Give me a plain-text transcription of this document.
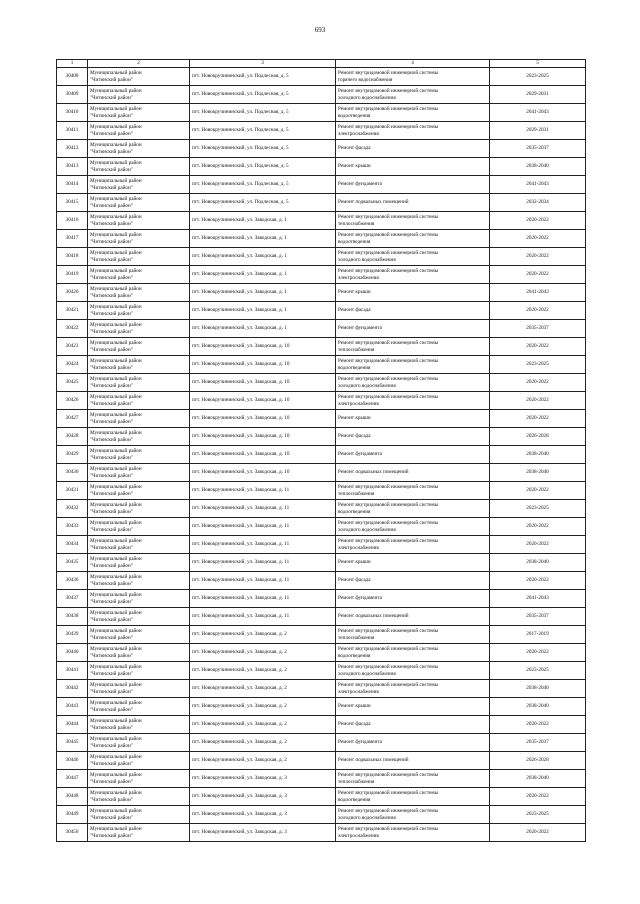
693
1	2	3	4	5
30408	Муниципальный район
"Читинский район"	пгт. Новокручининский, ул. Подлесная, д. 5	Ремонт внутридомовой инженерной системы
горячего водоснабжения	2023-2025
30409	Муниципальный район
"Читинский район"	пгт. Новокручининский, ул. Подлесная, д. 5	Ремонт внутридомовой инженерной системы
холодного водоснабжения	2029-2031
30410	Муниципальный район
"Читинский район"	пгт. Новокручининский, ул. Подлесная, д. 5	Ремонт внутридомовой инженерной системы
водоотведения	2041-2043
30411	Муниципальный район
"Читинский район"	пгт. Новокручининский, ул. Подлесная, д. 5	Ремонт внутридомовой инженерной системы
электроснабжения	2029-2031
30412	Муниципальный район
"Читинский район"	пгт. Новокручининский, ул. Подлесная, д. 5	Ремонт фасада	2035-2037
30413	Муниципальный район
"Читинский район"	пгт. Новокручининский, ул. Подлесная, д. 5	Ремонт крыши	2038-2040
30414	Муниципальный район
"Читинский район"	пгт. Новокручининский, ул. Подлесная, д. 5	Ремонт фундамента	2041-2043
30415	Муниципальный район
"Читинский район"	пгт. Новокручининский, ул. Подлесная, д. 5	Ремонт подвальных помещений	2032-2034
30416	Муниципальный район
"Читинский район"	пгт. Новокручининский, ул. Заводская, д. 1	Ремонт внутридомовой инженерной системы
теплоснабжения	2020-2022
30417	Муниципальный район
"Читинский район"	пгт. Новокручининский, ул. Заводская, д. 1	Ремонт внутридомовой инженерной системы
водоотведения	2020-2022
30418	Муниципальный район
"Читинский район"	пгт. Новокручининский, ул. Заводская, д. 1	Ремонт внутридомовой инженерной системы
холодного водоснабжения	2020-2022
30419	Муниципальный район
"Читинский район"	пгт. Новокручининский, ул. Заводская, д. 1	Ремонт внутридомовой инженерной системы
электроснабжения	2020-2022
30420	Муниципальный район
"Читинский район"	пгт. Новокручининский, ул. Заводская, д. 1	Ремонт крыши	2041-2043
30421	Муниципальный район
"Читинский район"	пгт. Новокручининский, ул. Заводская, д. 1	Ремонт фасада	2020-2022
30422	Муниципальный район
"Читинский район"	пгт. Новокручининский, ул. Заводская, д. 1	Ремонт фундамента	2035-2037
30423	Муниципальный район
"Читинский район"	пгт. Новокручининский, ул. Заводская, д. 10	Ремонт внутридомовой инженерной системы
теплоснабжения	2020-2022
30424	Муниципальный район
"Читинский район"	пгт. Новокручининский, ул. Заводская, д. 10	Ремонт внутридомовой инженерной системы
водоотведения	2023-2025
30425	Муниципальный район
"Читинский район"	пгт. Новокручининский, ул. Заводская, д. 10	Ремонт внутридомовой инженерной системы
холодного водоснабжения	2020-2022
30426	Муниципальный район
"Читинский район"	пгт. Новокручининский, ул. Заводская, д. 10	Ремонт внутридомовой инженерной системы
электроснабжения	2020-2022
30427	Муниципальный район
"Читинский район"	пгт. Новокручининский, ул. Заводская, д. 10	Ремонт крыши	2020-2022
30428	Муниципальный район
"Читинский район"	пгт. Новокручининский, ул. Заводская, д. 10	Ремонт фасада	2026-2028
30429	Муниципальный район
"Читинский район"	пгт. Новокручининский, ул. Заводская, д. 10	Ремонт фундамента	2038-2040
30430	Муниципальный район
"Читинский район"	пгт. Новокручининский, ул. Заводская, д. 10	Ремонт подвальных помещений	2038-2040
30431	Муниципальный район
"Читинский район"	пгт. Новокручининский, ул. Заводская, д. 11	Ремонт внутридомовой инженерной системы
теплоснабжения	2020-2022
30432	Муниципальный район
"Читинский район"	пгт. Новокручининский, ул. Заводская, д. 11	Ремонт внутридомовой инженерной системы
водоотведения	2023-2025
30433	Муниципальный район
"Читинский район"	пгт. Новокручининский, ул. Заводская, д. 11	Ремонт внутридомовой инженерной системы
холодного водоснабжения	2020-2022
30434	Муниципальный район
"Читинский район"	пгт. Новокручининский, ул. Заводская, д. 11	Ремонт внутридомовой инженерной системы
электроснабжения	2020-2022
30435	Муниципальный район
"Читинский район"	пгт. Новокручининский, ул. Заводская, д. 11	Ремонт крыши	2038-2040
30436	Муниципальный район
"Читинский район"	пгт. Новокручининский, ул. Заводская, д. 11	Ремонт фасада	2020-2022
30437	Муниципальный район
"Читинский район"	пгт. Новокручининский, ул. Заводская, д. 11	Ремонт фундамента	2041-2043
30438	Муниципальный район
"Читинский район"	пгт. Новокручининский, ул. Заводская, д. 11	Ремонт подвальных помещений	2035-2037
30439	Муниципальный район
"Читинский район"	пгт. Новокручининский, ул. Заводская, д. 2	Ремонт внутридомовой инженерной системы
теплоснабжения	2017-2019
30440	Муниципальный район
"Читинский район"	пгт. Новокручининский, ул. Заводская, д. 2	Ремонт внутридомовой инженерной системы
водоотведения	2020-2022
30441	Муниципальный район
"Читинский район"	пгт. Новокручининский, ул. Заводская, д. 2	Ремонт внутридомовой инженерной системы
холодного водоснабжения	2023-2025
30442	Муниципальный район
"Читинский район"	пгт. Новокручининский, ул. Заводская, д. 2	Ремонт внутридомовой инженерной системы
электроснабжения	2038-2040
30443	Муниципальный район
"Читинский район"	пгт. Новокручининский, ул. Заводская, д. 2	Ремонт крыши	2038-2040
30444	Муниципальный район
"Читинский район"	пгт. Новокручининский, ул. Заводская, д. 2	Ремонт фасада	2020-2022
30445	Муниципальный район
"Читинский район"	пгт. Новокручининский, ул. Заводская, д. 2	Ремонт фундамента	2035-2037
30446	Муниципальный район
"Читинский район"	пгт. Новокручининский, ул. Заводская, д. 2	Ремонт подвальных помещений	2026-2028
30447	Муниципальный район
"Читинский район"	пгт. Новокручининский, ул. Заводская, д. 3	Ремонт внутридомовой инженерной системы
теплоснабжения	2038-2040
30448	Муниципальный район
"Читинский район"	пгт. Новокручининский, ул. Заводская, д. 3	Ремонт внутридомовой инженерной системы
водоотведения	2020-2022
30449	Муниципальный район
"Читинский район"	пгт. Новокручининский, ул. Заводская, д. 3	Ремонт внутридомовой инженерной системы
холодного водоснабжения	2023-2025
30450	Муниципальный район
"Читинский район"	пгт. Новокручининский, ул. Заводская, д. 3	Ремонт внутридомовой инженерной системы
электроснабжения	2020-2022
